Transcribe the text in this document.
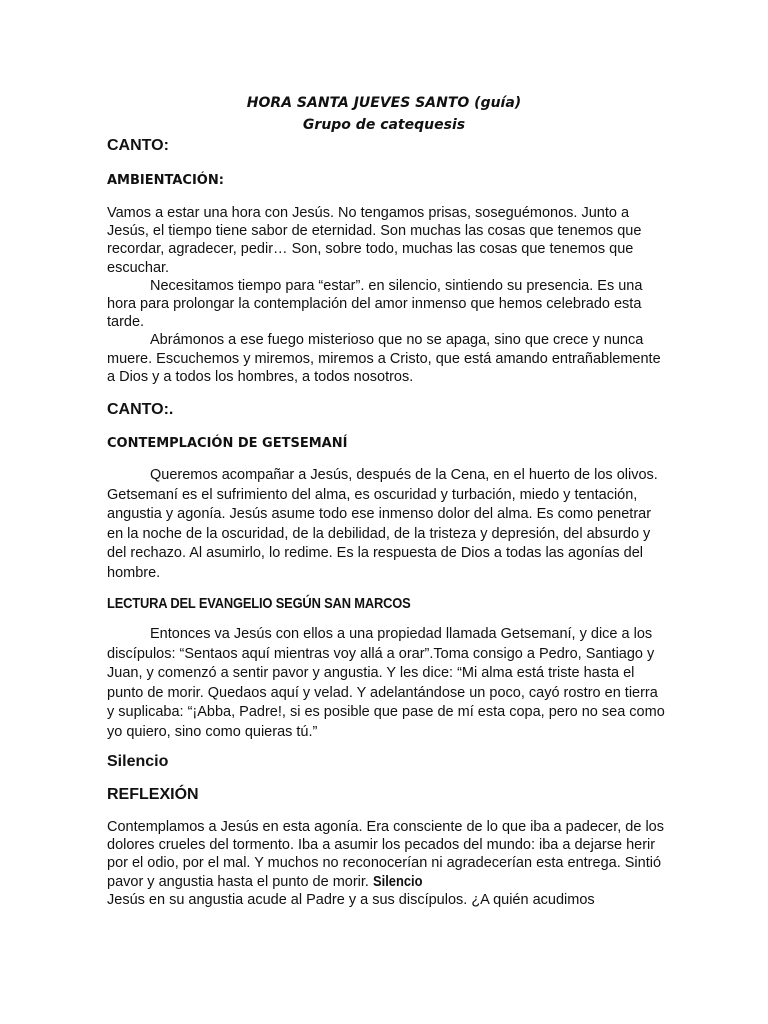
HORA SANTA JUEVES SANTO (guía)
Grupo de catequesis
CANTO:
AMBIENTACIÓN:

Vamos a estar una hora con Jesús. No tengamos prisas, soseguémonos. Junto a Jesús, el tiempo tiene sabor de eternidad. Son muchas las cosas que tenemos que recordar, agradecer, pedir… Son, sobre todo, muchas las cosas que tenemos que escuchar.

Necesitamos tiempo para “estar”. en silencio, sintiendo su presencia. Es una hora para prolongar la contemplación del amor inmenso que hemos celebrado esta tarde.

Abrámonos a ese fuego misterioso que no se apaga, sino que crece y nunca muere. Escuchemos y miremos, miremos a Cristo, que está amando entrañablemente a Dios y a todos los hombres, a todos nosotros.

CANTO:.
CONTEMPLACIÓN DE GETSEMANÍ

Queremos acompañar a Jesús, después de la Cena, en el huerto de los olivos. Getsemaní es el sufrimiento del alma, es oscuridad y turbación, miedo y tentación, angustia y agonía. Jesús asume todo ese inmenso dolor del alma. Es como penetrar en la noche de la oscuridad, de la debilidad, de la tristeza y depresión, del absurdo y del rechazo. Al asumirlo, lo redime. Es la respuesta de Dios a todas las agonías del hombre.

LECTURA DEL EVANGELIO SEGÚN SAN MARCOS

Entonces va Jesús con ellos a una propiedad llamada Getsemaní, y dice a los discípulos: “Sentaos aquí mientras voy allá a orar”.Toma consigo a Pedro, Santiago y Juan, y comenzó a sentir pavor y angustia. Y les dice: “Mi alma está triste hasta el punto de morir. Quedaos aquí y velad. Y adelantándose un poco, cayó rostro en tierra y suplicaba: “¡Abba, Padre!, si es posible que pase de mí esta copa, pero no sea como yo quiero, sino como quieras tú.”

Silencio
REFLEXIÓN

Contemplamos a Jesús en esta agonía. Era consciente de lo que iba a padecer, de los dolores crueles del tormento. Iba a asumir los pecados del mundo: iba a dejarse herir por el odio, por el mal. Y muchos no reconocerían ni agradecerían esta entrega. Sintió pavor y angustia hasta el punto de morir. Silencio

Jesús en su angustia acude al Padre y a sus discípulos. ¿A quién acudimos
